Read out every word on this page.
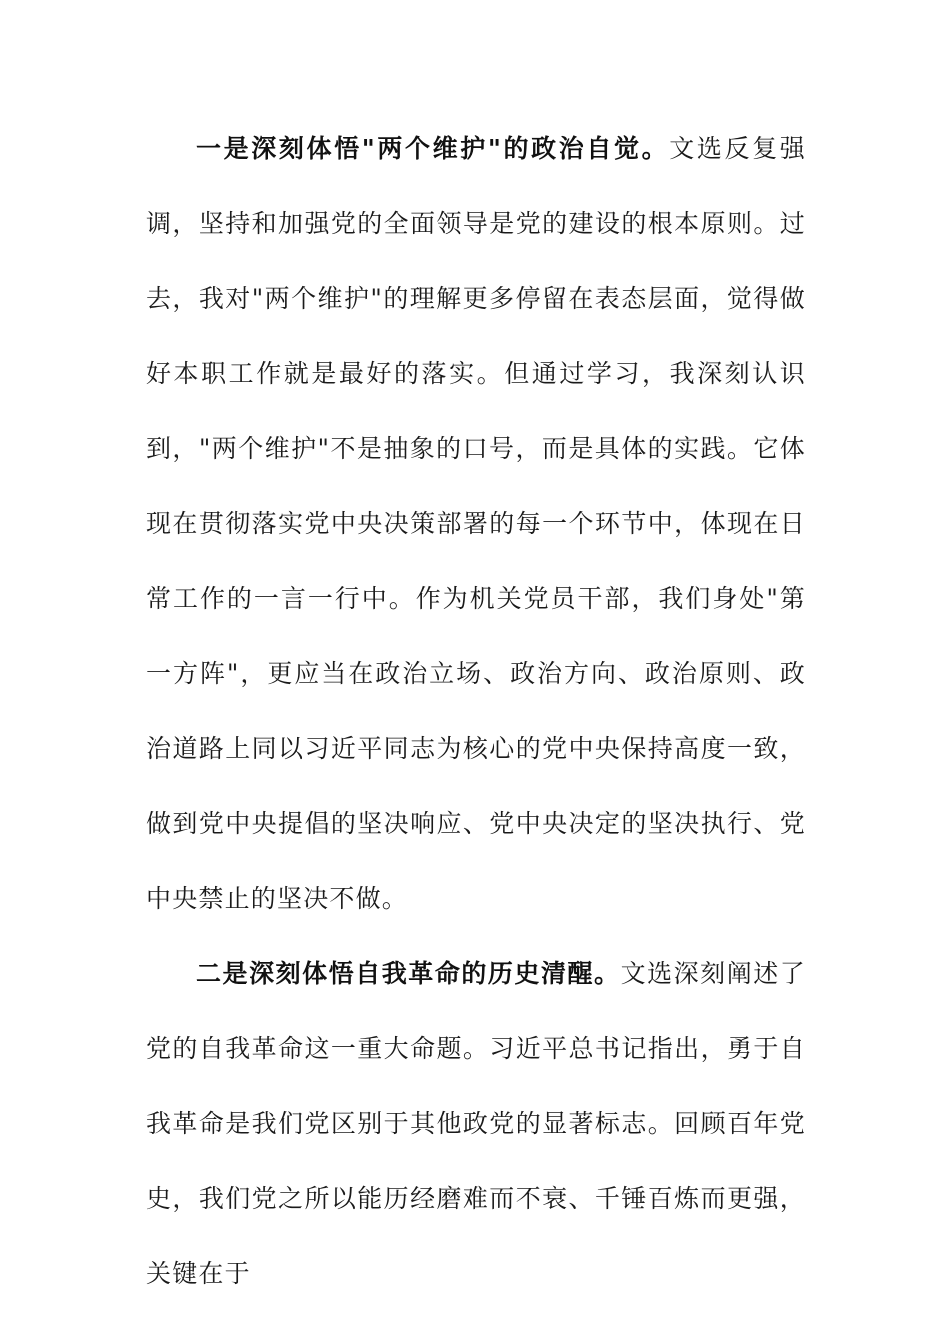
一是深刻体悟"两个维护"的政治自觉。文选反复强调，坚持和加强党的全面领导是党的建设的根本原则。过去，我对"两个维护"的理解更多停留在表态层面，觉得做好本职工作就是最好的落实。但通过学习，我深刻认识到，"两个维护"不是抽象的口号，而是具体的实践。它体现在贯彻落实党中央决策部署的每一个环节中，体现在日常工作的一言一行中。作为机关党员干部，我们身处"第一方阵"，更应当在政治立场、政治方向、政治原则、政治道路上同以习近平同志为核心的党中央保持高度一致，做到党中央提倡的坚决响应、党中央决定的坚决执行、党中央禁止的坚决不做。

二是深刻体悟自我革命的历史清醒。文选深刻阐述了党的自我革命这一重大命题。习近平总书记指出，勇于自我革命是我们党区别于其他政党的显著标志。回顾百年党史，我们党之所以能历经磨难而不衰、千锤百炼而更强，关键在于
